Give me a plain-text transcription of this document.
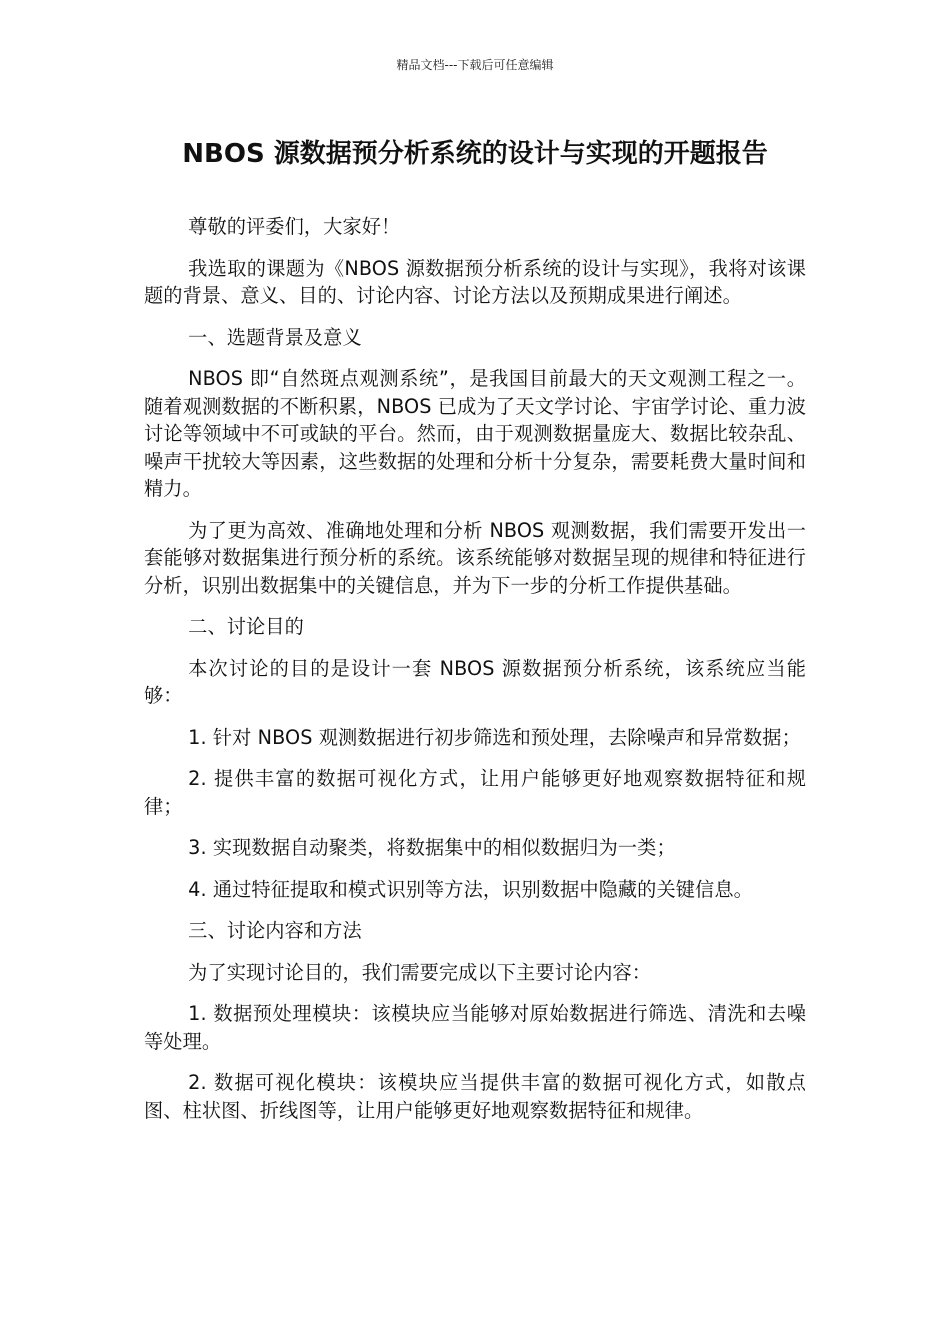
精品文档---下载后可任意编辑
NBOS 源数据预分析系统的设计与实现的开题报告

尊敬的评委们，大家好！

我选取的课题为《NBOS 源数据预分析系统的设计与实现》，我将对该课题的背景、意义、目的、讨论内容、讨论方法以及预期成果进行阐述。

一、选题背景及意义

NBOS 即“自然斑点观测系统”，是我国目前最大的天文观测工程之一。随着观测数据的不断积累，NBOS 已成为了天文学讨论、宇宙学讨论、重力波讨论等领域中不可或缺的平台。然而，由于观测数据量庞大、数据比较杂乱、噪声干扰较大等因素，这些数据的处理和分析十分复杂，需要耗费大量时间和精力。

为了更为高效、准确地处理和分析 NBOS 观测数据，我们需要开发出一套能够对数据集进行预分析的系统。该系统能够对数据呈现的规律和特征进行分析，识别出数据集中的关键信息，并为下一步的分析工作提供基础。

二、讨论目的

本次讨论的目的是设计一套 NBOS 源数据预分析系统，该系统应当能够：

1. 针对 NBOS 观测数据进行初步筛选和预处理，去除噪声和异常数据；

2. 提供丰富的数据可视化方式，让用户能够更好地观察数据特征和规律；

3. 实现数据自动聚类，将数据集中的相似数据归为一类；

4. 通过特征提取和模式识别等方法，识别数据中隐藏的关键信息。

三、讨论内容和方法

为了实现讨论目的，我们需要完成以下主要讨论内容：

1. 数据预处理模块：该模块应当能够对原始数据进行筛选、清洗和去噪等处理。

2. 数据可视化模块：该模块应当提供丰富的数据可视化方式，如散点图、柱状图、折线图等，让用户能够更好地观察数据特征和规律。
